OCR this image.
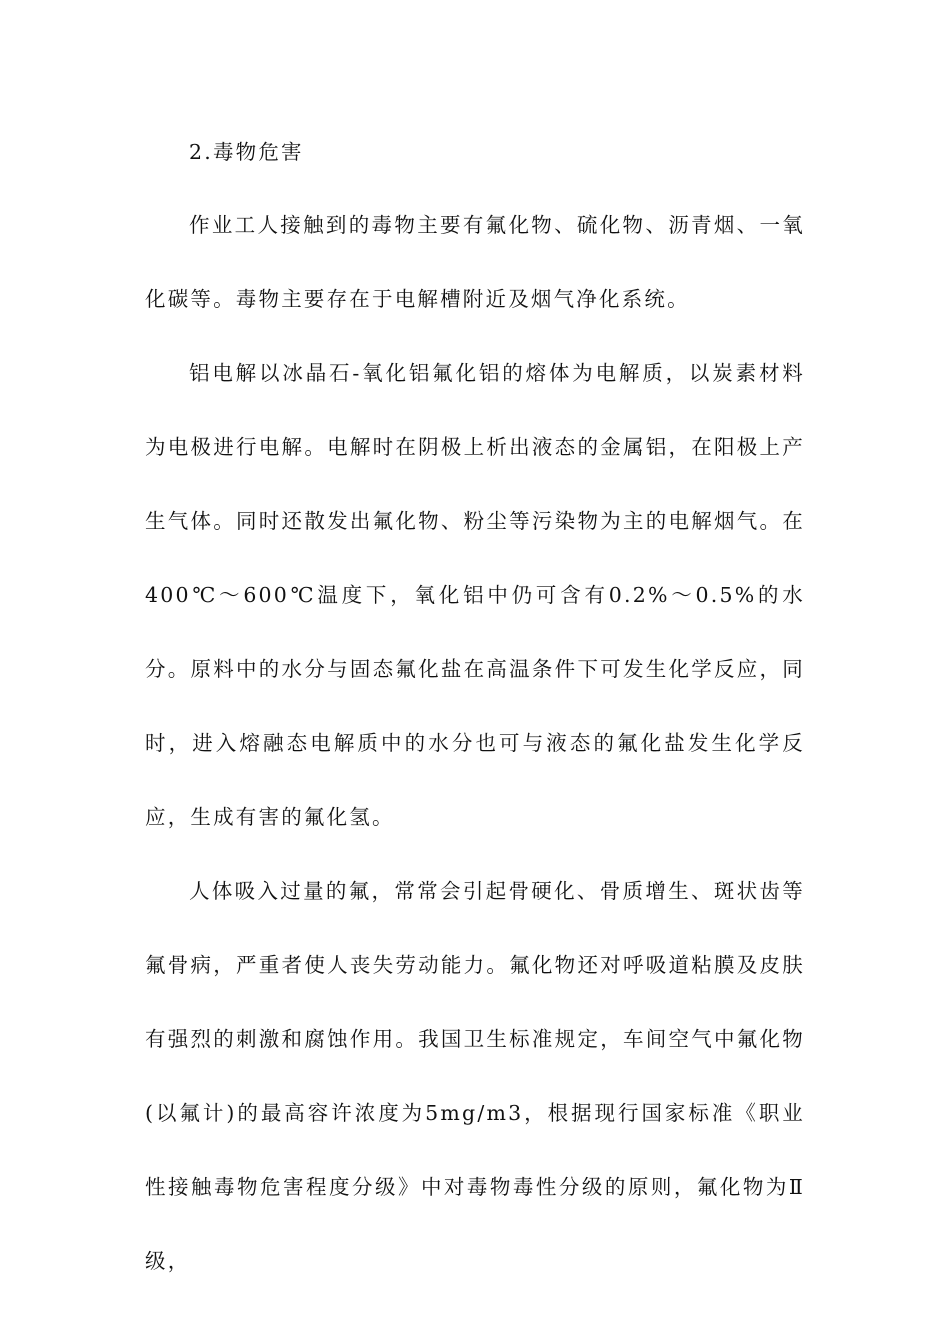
2.毒物危害

作业工人接触到的毒物主要有氟化物、硫化物、沥青烟、一氧化碳等。毒物主要存在于电解槽附近及烟气净化系统。

铝电解以冰晶石-氧化铝氟化铝的熔体为电解质，以炭素材料为电极进行电解。电解时在阴极上析出液态的金属铝，在阳极上产生气体。同时还散发出氟化物、粉尘等污染物为主的电解烟气。在400℃～600℃温度下，氧化铝中仍可含有0.2%～0.5%的水分。原料中的水分与固态氟化盐在高温条件下可发生化学反应，同时，进入熔融态电解质中的水分也可与液态的氟化盐发生化学反应，生成有害的氟化氢。

人体吸入过量的氟，常常会引起骨硬化、骨质增生、斑状齿等氟骨病，严重者使人丧失劳动能力。氟化物还对呼吸道粘膜及皮肤有强烈的刺激和腐蚀作用。我国卫生标准规定，车间空气中氟化物(以氟计)的最高容许浓度为5mg/m3，根据现行国家标准《职业性接触毒物危害程度分级》中对毒物毒性分级的原则，氟化物为Ⅱ级，
